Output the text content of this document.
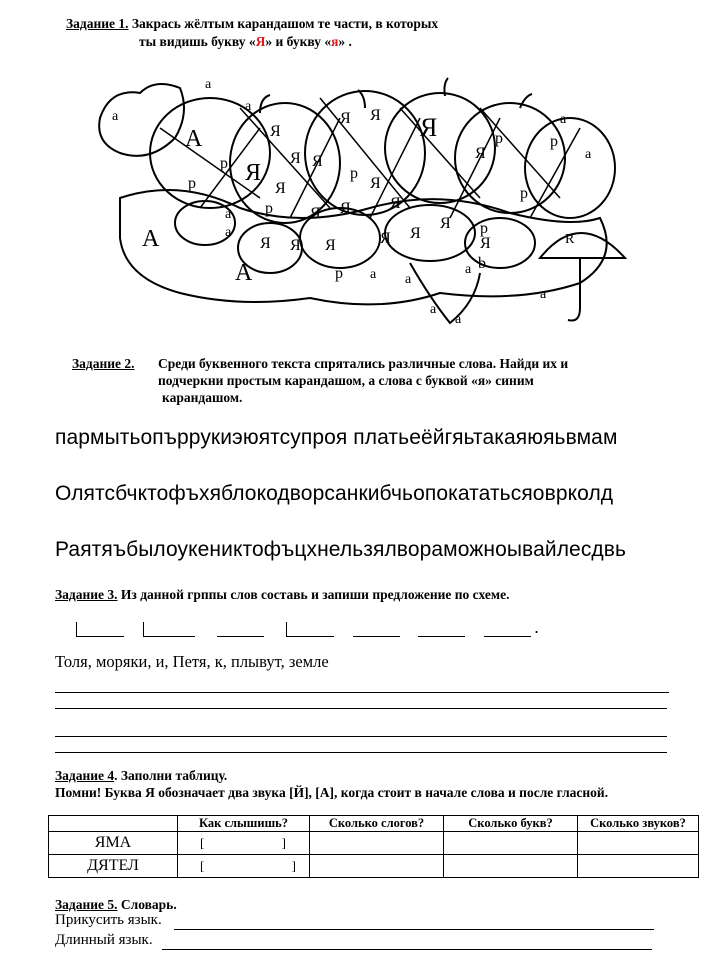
Задание 1. Закрась жёлтым карандашом те части, в которых
ты видишь букву «Я» и букву «я» .
а
а
а
А
Я
Я
Я
Я Я Я
Я
Я
Я
Я
Я
Я
Я
Я Я Я	Я Я
Я
Я
р
р
р
р
р
р
р
р
р
а
а
а
а
а а
а
а
а
а
А
А
R
b
Задание 2. Среди буквенного текста спрятались различные слова. Найди их и
подчеркни простым карандашом, а слова с буквой «я» синим
карандашом.
пармытьопъррукиэюятсупроя платьеёйгяьтакаяюяьвмам
Олятсбчктофъхяблокодворсанкибчьопокататься​оврколд
Раятяъбылоукеникто​фъцхнельзялвораможно​ывайлесдвь
Задание 3. Из данной грппы слов составь и запиши предложение по схеме.
.
Толя, моряки, и, Петя, к, плывут, земле
Задание 4. Заполни таблицу.
Помни! Буква Я обозначает два звука [Й], [А], когда стоит в начале слова и после гласной.
	Как слышишь?	Сколько слогов?	Сколько букв?	Сколько звуков?
ЯМА	[ ]			
ДЯТЕЛ	[ ]			
Задание 5. Словарь.
Прикусить язык.
Длинный язык.
